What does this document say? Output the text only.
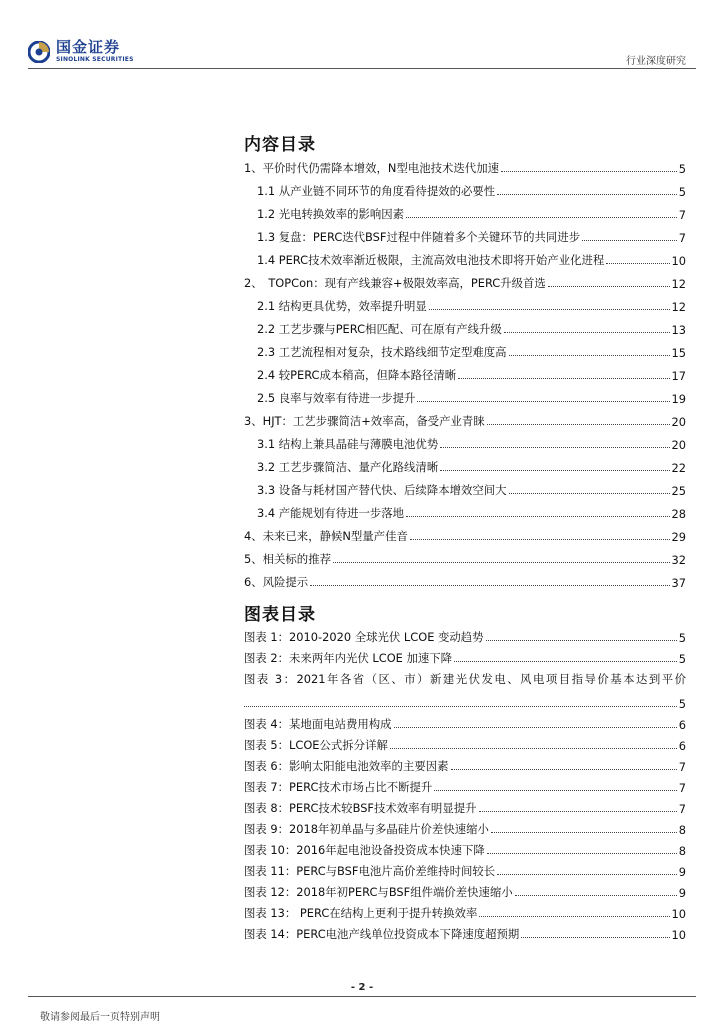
国金证券
SINOLINK SECURITIES	行业深度研究
内容目录
1、平价时代仍需降本增效，N型电池技术迭代加速	5
1.1 从产业链不同环节的角度看待提效的必要性	5
1.2 光电转换效率的影响因素	7
1.3 复盘：PERC迭代BSF过程中伴随着多个关键环节的共同进步	7
1.4 PERC技术效率渐近极限，主流高效电池技术即将开始产业化进程	10
2、　TOPCon：现有产线兼容+极限效率高，PERC升级首选	12
2.1 结构更具优势，效率提升明显	12
2.2 工艺步骤与PERC相匹配、可在原有产线升级	13
2.3 工艺流程相对复杂，技术路线细节定型难度高	15
2.4 较PERC成本稍高，但降本路径清晰	17
2.5 良率与效率有待进一步提升	19
3、HJT：工艺步骤简洁+效率高，备受产业青睐	20
3.1 结构上兼具晶硅与薄膜电池优势	20
3.2 工艺步骤简洁、量产化路线清晰	22
3.3 设备与耗材国产替代快、后续降本增效空间大	25
3.4 产能规划有待进一步落地	28
4、未来已来，静候N型量产佳音	29
5、相关标的推荐	32
6、风险提示	37
图表目录
图表 1：2010-2020 全球光伏 LCOE 变动趋势	5
图表 2：未来两年内光伏 LCOE 加速下降	5
图表 3：2021年各省（区、市）新建光伏发电、风电项目指导价基本达到平价
5
图表 4：某地面电站费用构成	6
图表 5：LCOE公式拆分详解	6
图表 6：影响太阳能电池效率的主要因素	7
图表 7：PERC技术市场占比不断提升	7
图表 8：PERC技术较BSF技术效率有明显提升	7
图表 9：2018年初单晶与多晶硅片价差快速缩小	8
图表 10：2016年起电池设备投资成本快速下降	8
图表 11：PERC与BSF电池片高价差维持时间较长	9
图表 12：2018年初PERC与BSF组件端价差快速缩小	9
图表 13： PERC在结构上更利于提升转换效率	10
图表 14：PERC电池产线单位投资成本下降速度超预期	10
- 2 -
敬请参阅最后一页特别声明
